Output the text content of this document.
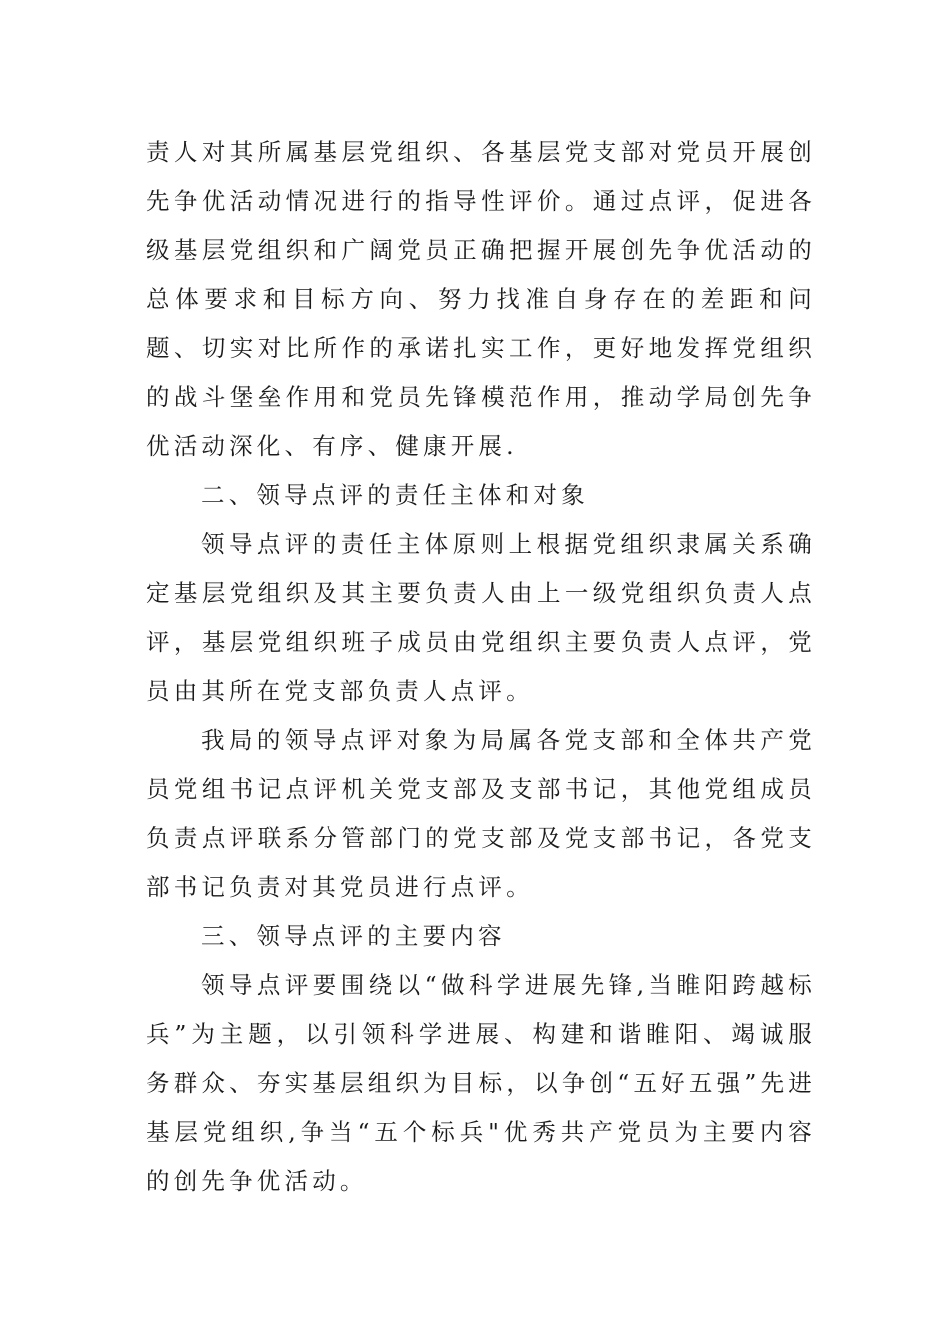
责人对其所属基层党组织、各基层党支部对党员开展创先争优活动情况进行的指导性评价。通过点评，促进各级基层党组织和广阔党员正确把握开展创先争优活动的总体要求和目标方向、努力找准自身存在的差距和问题、切实对比所作的承诺扎实工作，更好地发挥党组织的战斗堡垒作用和党员先锋模范作用，推动学局创先争优活动深化、有序、健康开展.

二、领导点评的责任主体和对象

领导点评的责任主体原则上根据党组织隶属关系确定基层党组织及其主要负责人由上一级党组织负责人点评，基层党组织班子成员由党组织主要负责人点评，党员由其所在党支部负责人点评。

我局的领导点评对象为局属各党支部和全体共产党员党组书记点评机关党支部及支部书记，其他党组成员负责点评联系分管部门的党支部及党支部书记，各党支部书记负责对其党员进行点评。

三、领导点评的主要内容

领导点评要围绕以“做科学进展先锋,当睢阳跨越标兵”为主题，以引领科学进展、构建和谐睢阳、竭诚服务群众、夯实基层组织为目标，以争创“五好五强”先进基层党组织,争当“五个标兵"优秀共产党员为主要内容的创先争优活动。
